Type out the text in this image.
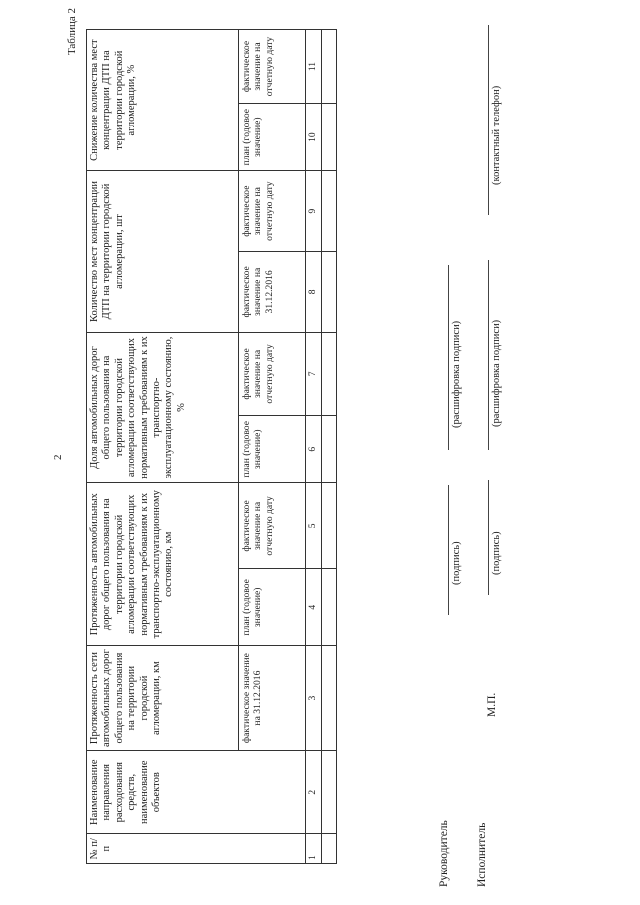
2
Таблица 2
№ п/п	Наименование направления расходования средств, наименование объектов	Протяженность сети автомобильных дорог общего пользования на территории городской агломерации, км	Протяженность автомобильных дорог общего пользования на территории городской агломерации соответствующих нормативным требованиям к их транспортно-эксплуатационному состоянию, км		Доля автомобильных дорог общего пользования на территории городской агломерации соответствующих нормативным требованиям к их транспортно-эксплуатационному состоянию, %		Количество мест концентрации ДТП на территории городской агломерации, шт		Снижение количества мест концентрации ДТП на территории городской агломерации, %	
		фактическое значение на 31.12.2016	план (годовое значение)	фактическое значение на отчетную дату	план (годовое значение)	фактическое значение на отчетную дату	фактическое значение на 31.12.2016	фактическое значение на отчетную дату	план (годовое значение)	фактическое значение на отчетную дату
1	2	3	4	5	6	7	8	9	10	11

Руководитель
(подпись)
(расшифровка подписи)
Исполнитель
М.П.
(подпись)
(расшифровка подписи)
(контактный телефон)
